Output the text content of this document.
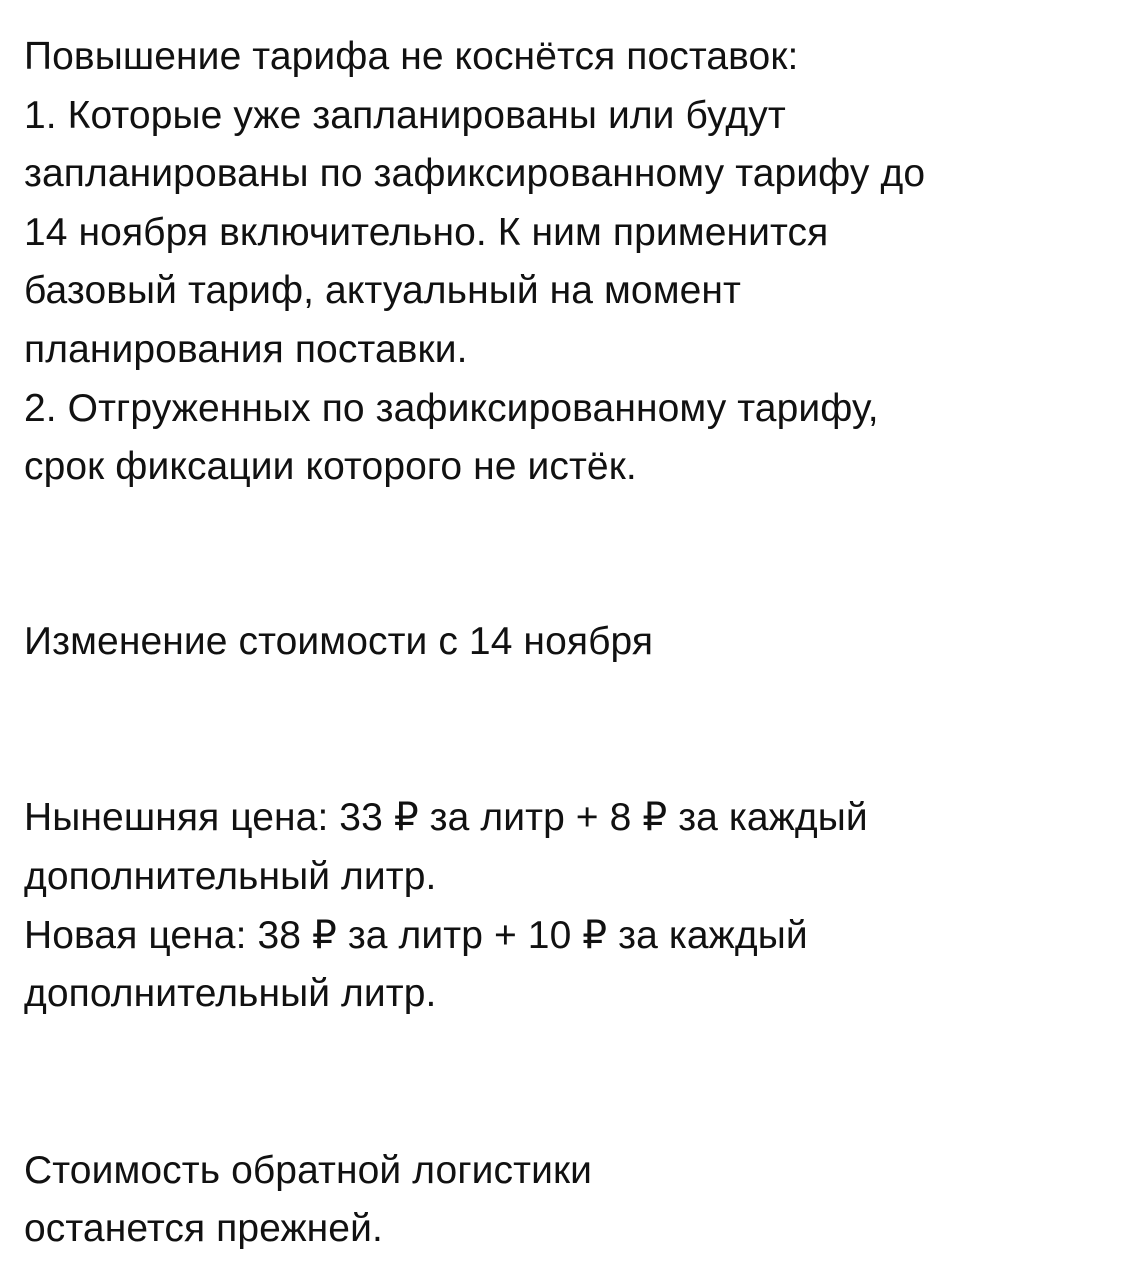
Повышение тарифа не коснётся поставок:
1. Которые уже запланированы или будут
запланированы по зафиксированному тарифу до
14 ноября включительно. К ним применится
базовый тариф, актуальный на момент
планирования поставки.
2. Отгруженных по зафиксированному тарифу,
срок фиксации которого не истёк.
Изменение стоимости с 14 ноября
Нынешняя цена: 33 ₽ за литр + 8 ₽ за каждый
дополнительный литр.
Новая цена: 38 ₽ за литр + 10 ₽ за каждый
дополнительный литр.
Стоимость обратной логистики
останется прежней.
